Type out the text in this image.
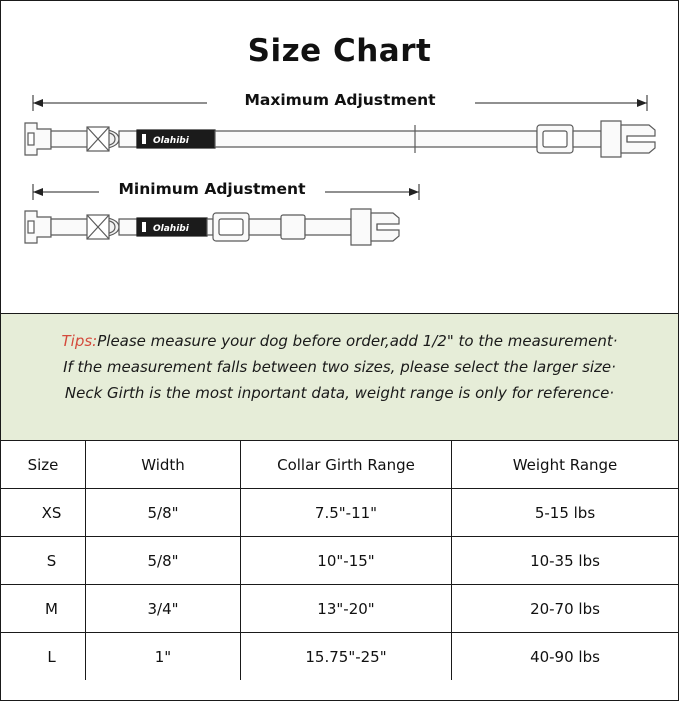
Size Chart
Maximum Adjustment
Olahibi
Minimum Adjustment
Olahibi
Tips:Please measure your dog before order,add 1/2" to the measurement·
If the measurement falls between two sizes, please select the larger size·
Neck Girth is the most inportant data, weight range is only for reference·
Size	Width	Collar Girth Range	Weight Range
XS	5/8"	7.5"-11"	5-15 lbs
S	5/8"	10"-15"	10-35 lbs
M	3/4"	13"-20"	20-70 lbs
L	1"	15.75"-25"	40-90 lbs
